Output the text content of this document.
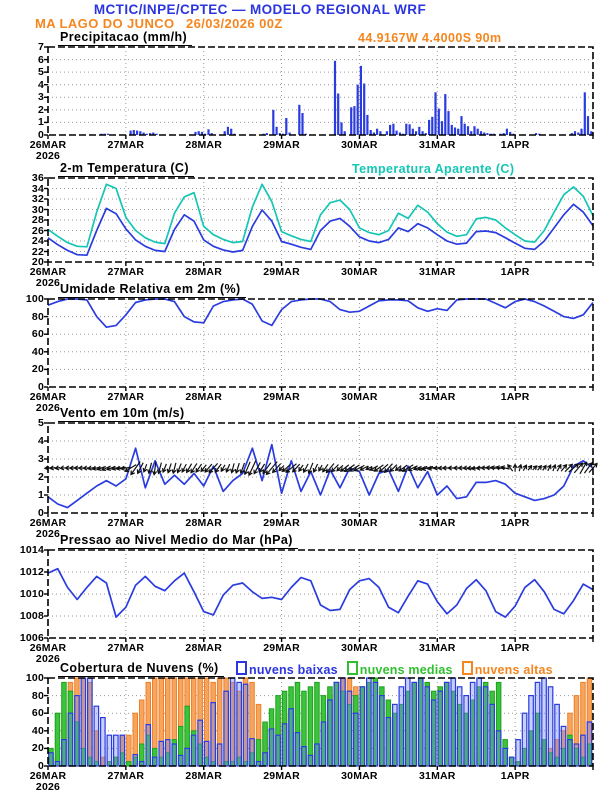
MCTIC/INPE/CPTEC — MODELO REGIONAL WRF
MA LAGO DO JUNCO 26/03/2026 00Z
44.9167W 4.4000S 90m
Precipitacao (mm/h)
2-m Temperatura (C)	Temperatura Aparente (C)
Umidade Relativa em 2m (%)
Vento em 10m (m/s)
Pressao ao Nivel Medio do Mar (hPa)
Cobertura de Nuvens (%)	nuvens baixas	nuvens medias	nuvens altas
0
1
2
3
4
5
6
7
26MAR	27MAR	28MAR	29MAR	30MAR	31MAR	1APR
2026
20
22
24
26
28
30
32
34
36
26MAR	27MAR	28MAR	29MAR	30MAR	31MAR	1APR
2026
0
20
40
60
80
100
26MAR	27MAR	28MAR	29MAR	30MAR	31MAR	1APR
2026
0
1
2
3
4
5
26MAR	27MAR	28MAR	29MAR	30MAR	31MAR	1APR
2026
1006
1008
1010
1012
1014
26MAR	27MAR	28MAR	29MAR	30MAR	31MAR	1APR
2026
0
20
40
60
80
100
26MAR	27MAR	28MAR	29MAR	30MAR	31MAR	1APR
2026
